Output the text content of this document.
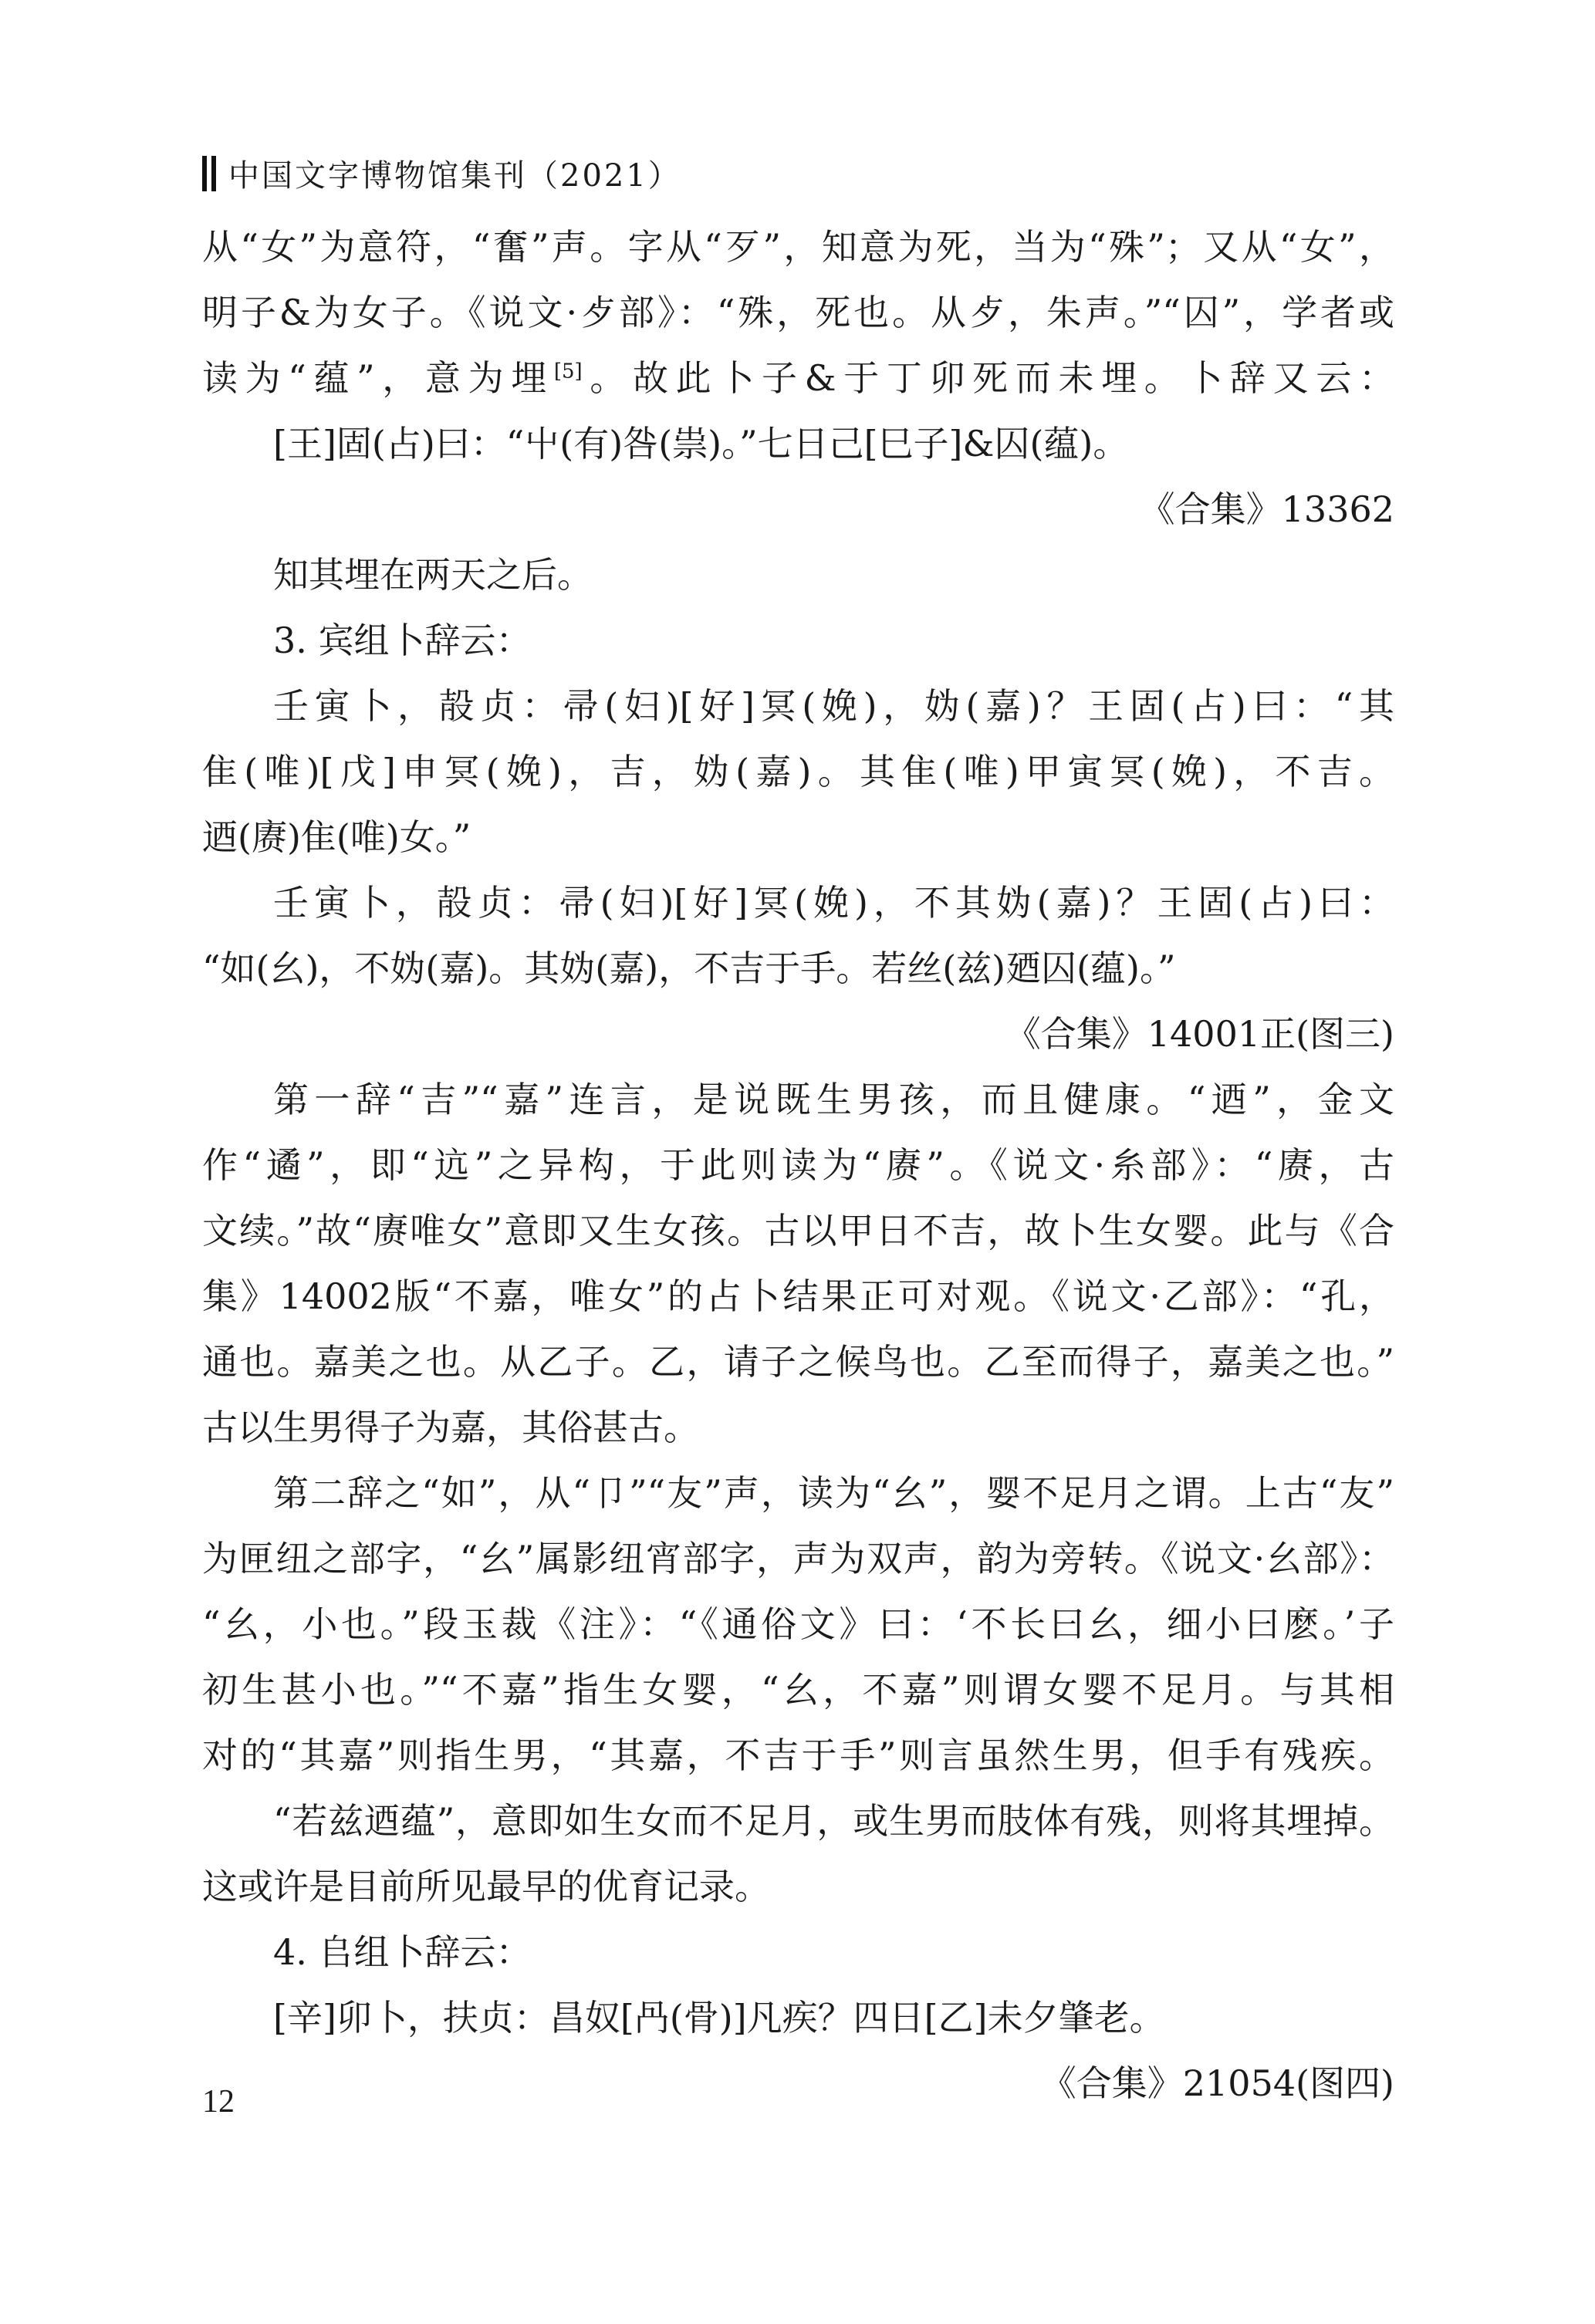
中国文字博物馆集刊（2021）
从“女”为意符，“奮”声。字从“歹”，知意为死，当为“殊”；又从“女”，
明子&为女子。《说文·歺部》：“殊，死也。从歺，朱声。”“囚”，学者或
读为“蕴”，意为埋[5]。故此卜子&于丁卯死而未埋。卜辞又云：
[王]固(占)曰：“屮(有)咎(祟)。”七日己[巳子]&囚(蕴)。
《合集》13362
知其埋在两天之后。
3. 宾组卜辞云：
壬寅卜，㱿贞：帚(妇)[好]冥(娩)，妫(嘉)？王固(占)曰：“其
隹(唯)[戊]申冥(娩)，吉，妫(嘉)。其隹(唯)甲寅冥(娩)，不吉。
迺(赓)隹(唯)女。”
壬寅卜，㱿贞：帚(妇)[好]冥(娩)，不其妫(嘉)？王固(占)曰：
“如(幺)，不妫(嘉)。其妫(嘉)，不吉于手。若丝(兹)廼囚(蕴)。”
《合集》14001正(图三)
第一辞“吉”“嘉”连言，是说既生男孩，而且健康。“迺”，金文
作“遹”，即“迒”之异构，于此则读为“赓”。《说文·糸部》：“赓，古
文续。”故“赓唯女”意即又生女孩。古以甲日不吉，故卜生女婴。此与《合
集》14002版“不嘉，唯女”的占卜结果正可对观。《说文·乙部》：“孔，
通也。嘉美之也。从乙子。乙，请子之候鸟也。乙至而得子，嘉美之也。”
古以生男得子为嘉，其俗甚古。
第二辞之“如”，从“卩”“友”声，读为“幺”，婴不足月之谓。上古“友”
为匣纽之部字，“幺”属影纽宵部字，声为双声，韵为旁转。《说文·幺部》：
“幺，小也。”段玉裁《注》：“《通俗文》曰：‘不长曰幺，细小曰麽。’子
初生甚小也。”“不嘉”指生女婴，“幺，不嘉”则谓女婴不足月。与其相
对的“其嘉”则指生男，“其嘉，不吉于手”则言虽然生男，但手有残疾。
“若兹迺蕴”，意即如生女而不足月，或生男而肢体有残，则将其埋掉。
这或许是目前所见最早的优育记录。
4. 𠂤组卜辞云：
[辛]卯卜，扶贞：昌奴[冎(骨)]凡疾？四日[乙]未夕肇老。
《合集》21054(图四)
12
